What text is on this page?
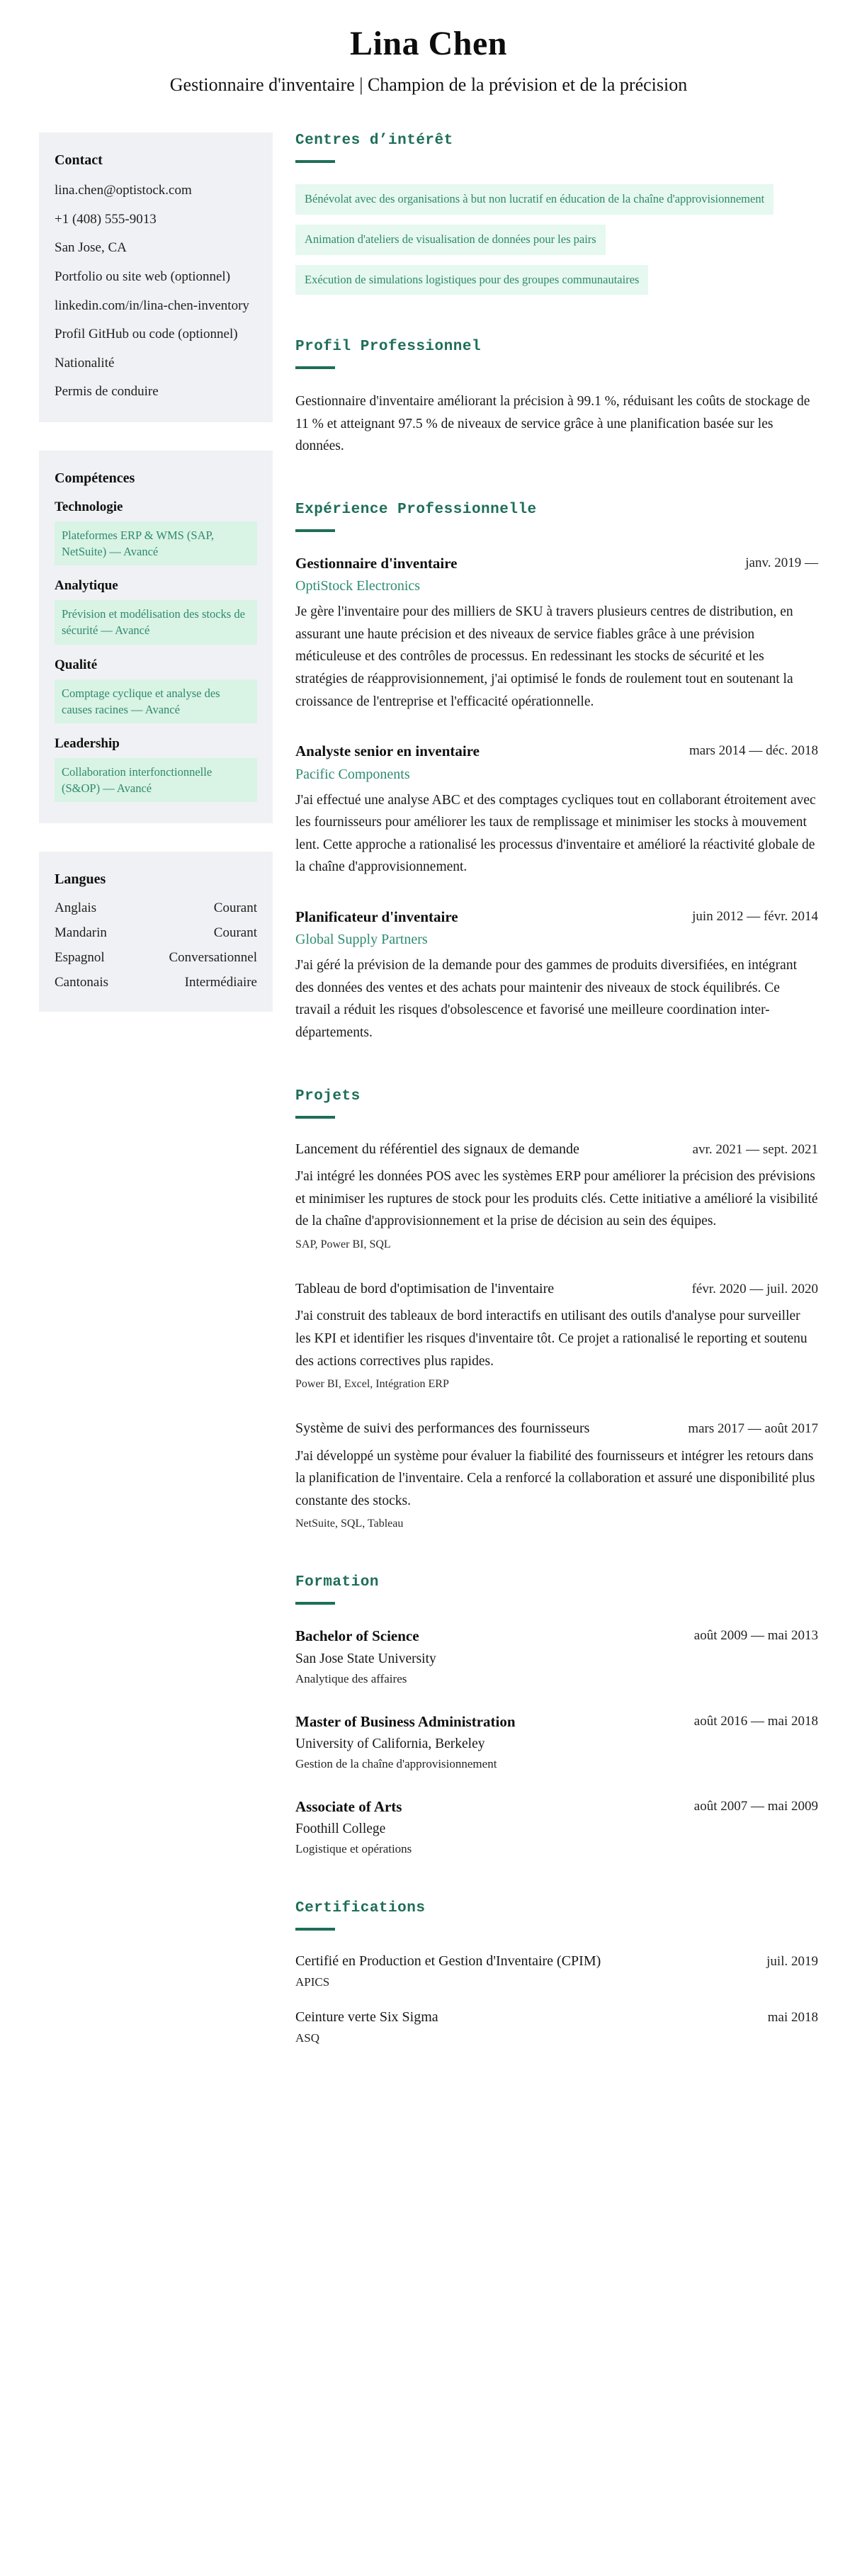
Lina Chen
Gestionnaire d'inventaire | Champion de la prévision et de la précision
Contact
lina.chen@optistock.com
+1 (408) 555-9013
San Jose, CA
Portfolio ou site web (optionnel)
linkedin.com/in/lina-chen-inventory
Profil GitHub ou code (optionnel)
Nationalité
Permis de conduire
Compétences
Technologie
Plateformes ERP & WMS (SAP, NetSuite) — Avancé
Analytique
Prévision et modélisation des stocks de sécurité — Avancé
Qualité
Comptage cyclique et analyse des causes racines — Avancé
Leadership
Collaboration interfonctionnelle (S&OP) — Avancé
Langues
Anglais	Courant
Mandarin	Courant
Espagnol	Conversationnel
Cantonais	Intermédiaire
Centres d’intérêt
Bénévolat avec des organisations à but non lucratif en éducation de la chaîne d'approvisionnement
Animation d'ateliers de visualisation de données pour les pairs
Exécution de simulations logistiques pour des groupes communautaires
Profil Professionnel

Gestionnaire d'inventaire améliorant la précision à 99.1 %, réduisant les coûts de stockage de 11 % et atteignant 97.5 % de niveaux de service grâce à une planification basée sur les données.

Expérience Professionnelle
Gestionnaire d'inventaire	janv. 2019 —
OptiStock Electronics

Je gère l'inventaire pour des milliers de SKU à travers plusieurs centres de distribution, en assurant une haute précision et des niveaux de service fiables grâce à une prévision méticuleuse et des contrôles de processus. En redessinant les stocks de sécurité et les stratégies de réapprovisionnement, j'ai optimisé le fonds de roulement tout en soutenant la croissance de l'entreprise et l'efficacité opérationnelle.

Analyste senior en inventaire	mars 2014 — déc. 2018
Pacific Components

J'ai effectué une analyse ABC et des comptages cycliques tout en collaborant étroitement avec les fournisseurs pour améliorer les taux de remplissage et minimiser les stocks à mouvement lent. Cette approche a rationalisé les processus d'inventaire et amélioré la réactivité globale de la chaîne d'approvisionnement.

Planificateur d'inventaire	juin 2012 — févr. 2014
Global Supply Partners

J'ai géré la prévision de la demande pour des gammes de produits diversifiées, en intégrant des données des ventes et des achats pour maintenir des niveaux de stock équilibrés. Ce travail a réduit les risques d'obsolescence et favorisé une meilleure coordination inter-départements.

Projets
Lancement du référentiel des signaux de demande	avr. 2021 — sept. 2021

J'ai intégré les données POS avec les systèmes ERP pour améliorer la précision des prévisions et minimiser les ruptures de stock pour les produits clés. Cette initiative a amélioré la visibilité de la chaîne d'approvisionnement et la prise de décision au sein des équipes.

SAP, Power BI, SQL
Tableau de bord d'optimisation de l'inventaire	févr. 2020 — juil. 2020

J'ai construit des tableaux de bord interactifs en utilisant des outils d'analyse pour surveiller les KPI et identifier les risques d'inventaire tôt. Ce projet a rationalisé le reporting et soutenu des actions correctives plus rapides.

Power BI, Excel, Intégration ERP
Système de suivi des performances des fournisseurs	mars 2017 — août 2017

J'ai développé un système pour évaluer la fiabilité des fournisseurs et intégrer les retours dans la planification de l'inventaire. Cela a renforcé la collaboration et assuré une disponibilité plus constante des stocks.

NetSuite, SQL, Tableau
Formation
Bachelor of Science	août 2009 — mai 2013
San Jose State University
Analytique des affaires
Master of Business Administration	août 2016 — mai 2018
University of California, Berkeley
Gestion de la chaîne d'approvisionnement
Associate of Arts	août 2007 — mai 2009
Foothill College
Logistique et opérations
Certifications
Certifié en Production et Gestion d'Inventaire (CPIM)	juil. 2019
APICS
Ceinture verte Six Sigma	mai 2018
ASQ
